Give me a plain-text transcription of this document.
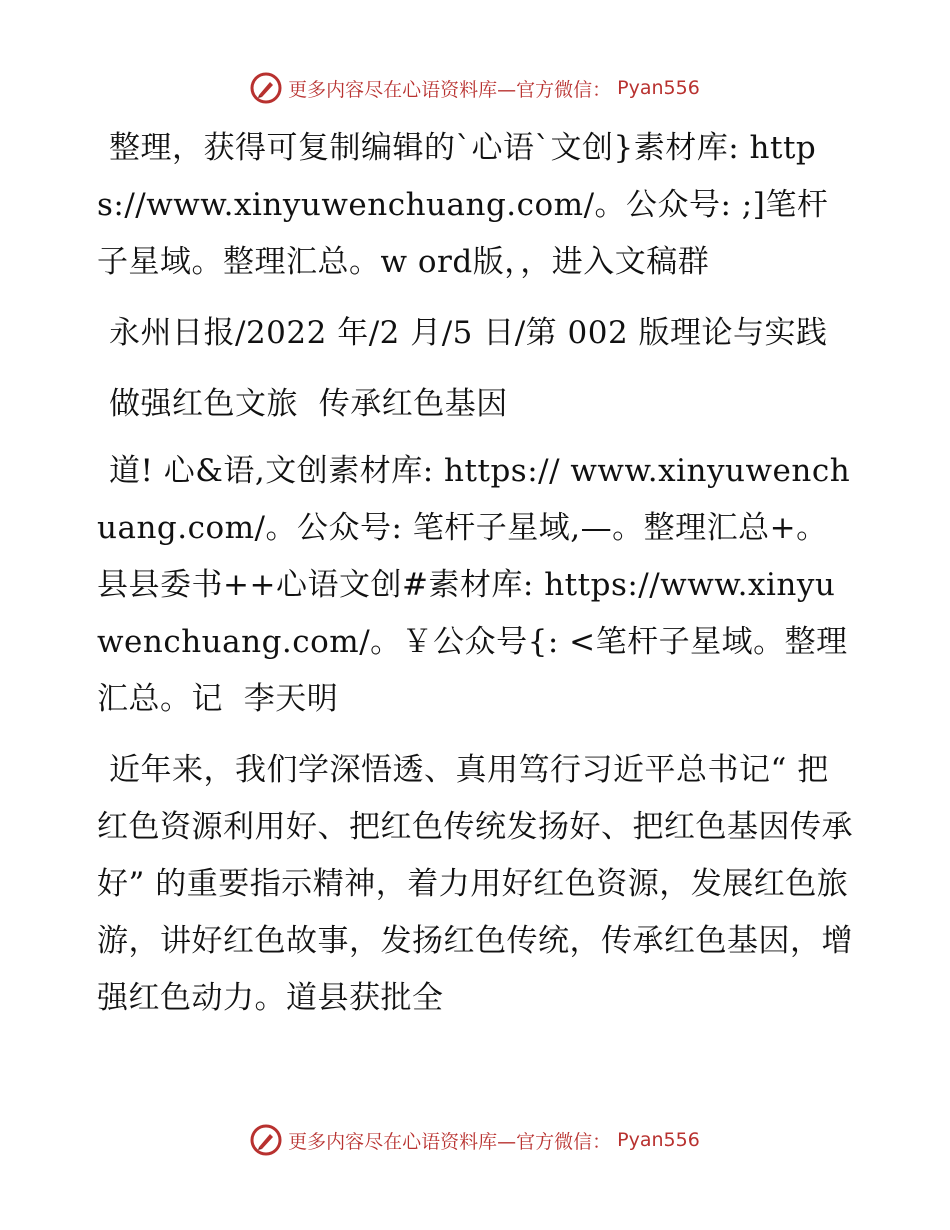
更多内容尽在心语资料库—官方微信： Pyan556

整理，获得可复制编辑的`心语`文创}素材库: https://www.xinyuwenchuang.com/。公众号: ;]笔杆子星域。整理汇总。w ord版，，进入文稿群

永州日报/2022 年/2 月/5 日/第 002 版理论与实践

做强红色文旅  传承红色基因

道! 心&语,文创素材库: https:// www.xinyuwenchuang.com/。公众号: 笔杆子星域,—。整理汇总+。县县委书++心语文创#素材库: https://www.xinyuwenchuang.com/。￥公众号{: <笔杆子星域。整理汇总。记  李天明

近年来，我们学深悟透、真用笃行习近平总书记“ 把红色资源利用好、把红色传统发扬好、把红色基因传承好” 的重要指示精神，着力用好红色资源，发展红色旅游，讲好红色故事，发扬红色传统，传承红色基因，增强红色动力。道县获批全

更多内容尽在心语资料库—官方微信： Pyan556
